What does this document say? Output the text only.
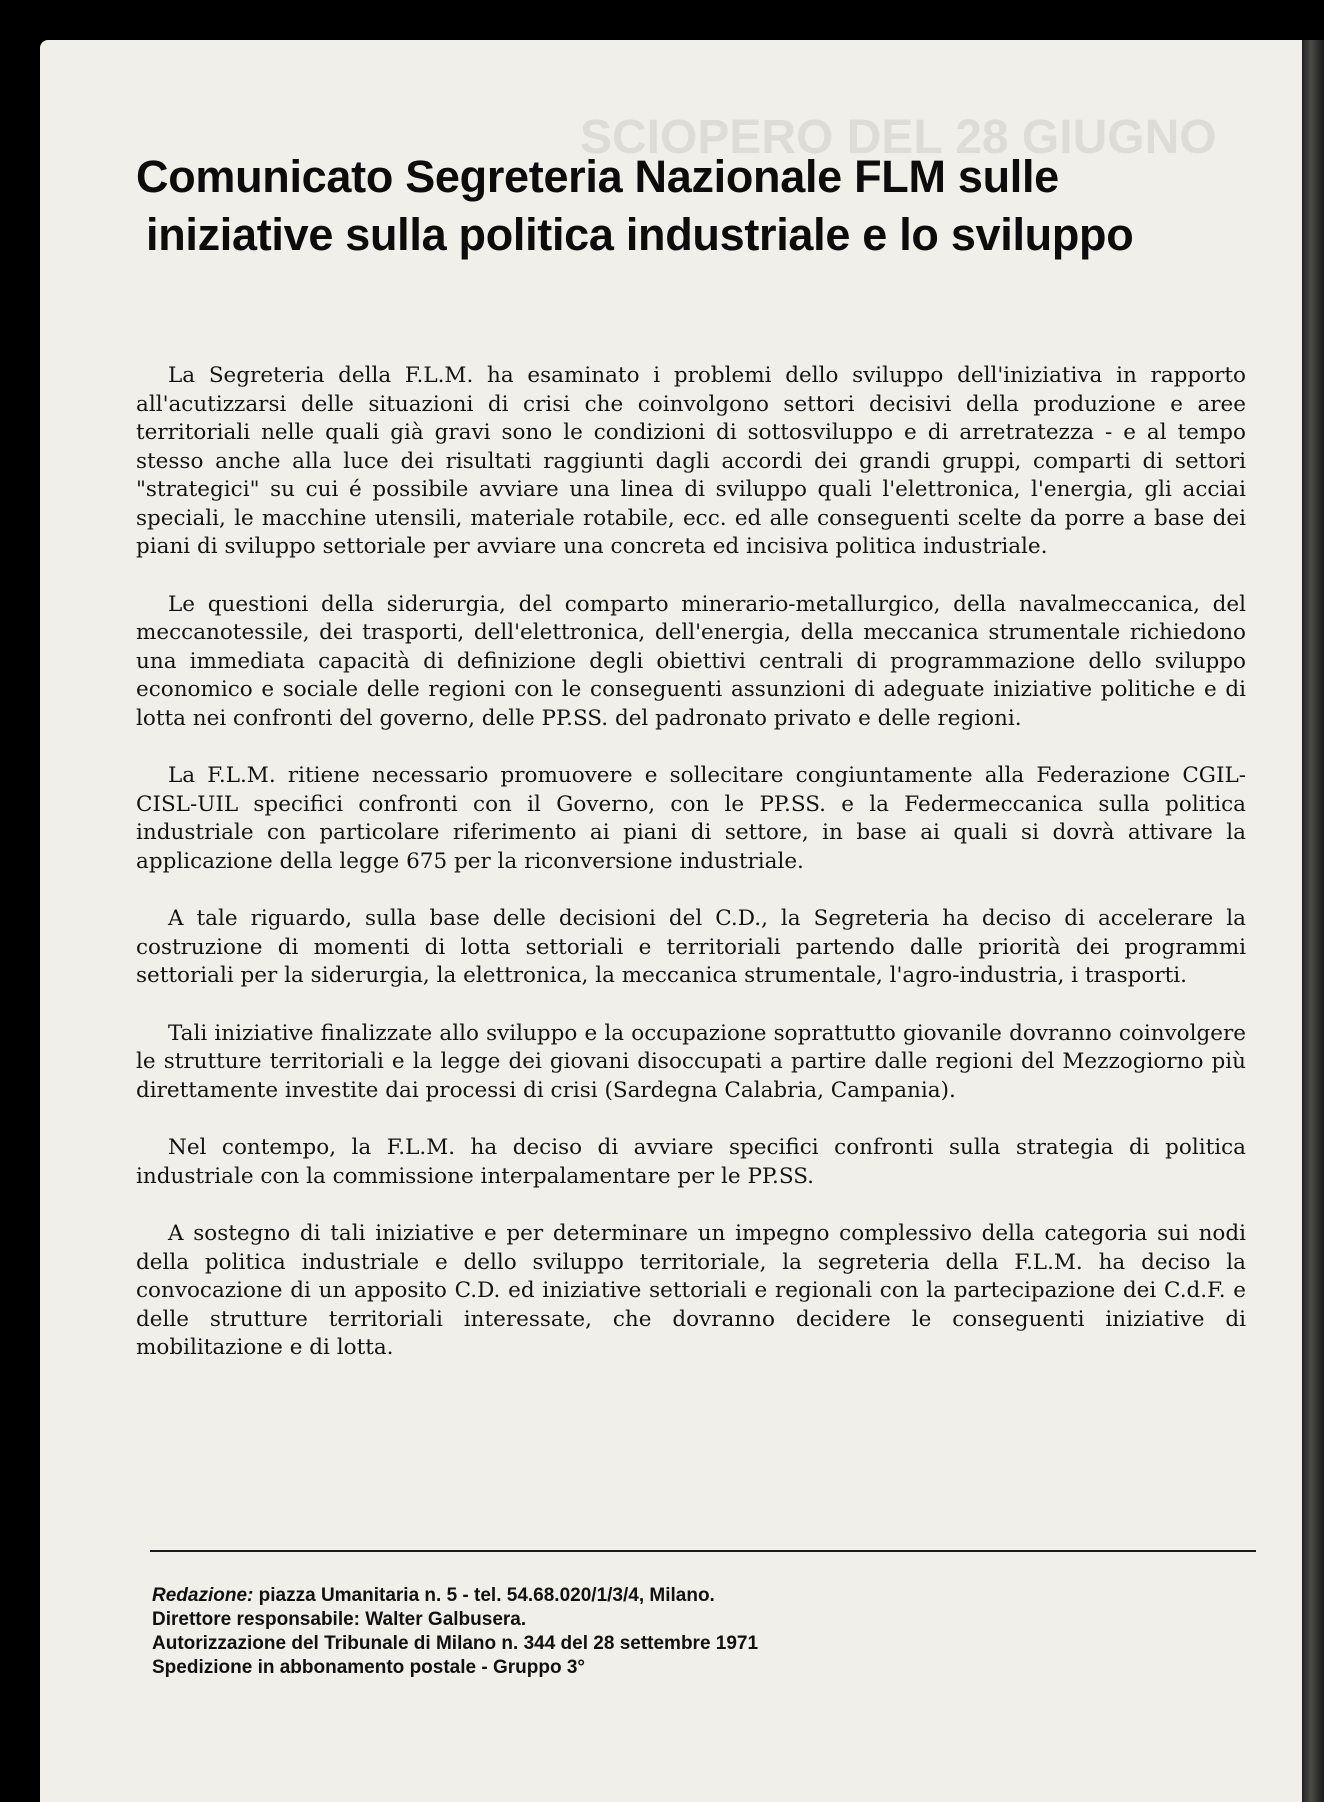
Comunicato Segreteria Nazionale FLM sulle
iniziative sulla politica industriale e lo sviluppo

La Segreteria della F.L.M. ha esaminato i problemi dello sviluppo dell'iniziativa in rapporto all'acutizzarsi delle situazioni di crisi che coinvolgono settori decisivi della produzione e aree territoriali nelle quali già gravi sono le condizioni di sottosviluppo e di arretratezza - e al tempo stesso anche alla luce dei risultati raggiunti dagli accordi dei grandi gruppi, comparti di settori "strategici" su cui é possibile avviare una linea di sviluppo quali l'elettronica, l'energia, gli acciai speciali, le macchine utensili, materiale rotabile, ecc. ed alle conseguenti scelte da porre a base dei piani di sviluppo settoriale per avviare una concreta ed incisiva politica industriale.

Le questioni della siderurgia, del comparto minerario-metallurgico, della navalmeccanica, del meccanotessile, dei trasporti, dell'elettronica, dell'energia, della meccanica strumentale richiedono una immediata capacità di definizione degli obiettivi centrali di programmazione dello sviluppo economico e sociale delle regioni con le conseguenti assunzioni di adeguate iniziative politiche e di lotta nei confronti del governo, delle PP.SS. del padronato privato e delle regioni.

La F.L.M. ritiene necessario promuovere e sollecitare congiuntamente alla Federazione CGIL-CISL-UIL specifici confronti con il Governo, con le PP.SS. e la Federmeccanica sulla politica industriale con particolare riferimento ai piani di settore, in base ai quali si dovrà attivare la applicazione della legge 675 per la riconversione industriale.

A tale riguardo, sulla base delle decisioni del C.D., la Segreteria ha deciso di accelerare la costruzione di momenti di lotta settoriali e territoriali partendo dalle priorità dei programmi settoriali per la siderurgia, la elettronica, la meccanica strumentale, l'agro-industria, i trasporti.

Tali iniziative finalizzate allo sviluppo e la occupazione soprattutto giovanile dovranno coinvolgere le strutture territoriali e la legge dei giovani disoccupati a partire dalle regioni del Mezzogiorno più direttamente investite dai processi di crisi (Sardegna Calabria, Campania).

Nel contempo, la F.L.M. ha deciso di avviare specifici confronti sulla strategia di politica industriale con la commissione interpalamentare per le PP.SS.

A sostegno di tali iniziative e per determinare un impegno complessivo della categoria sui nodi della politica industriale e dello sviluppo territoriale, la segreteria della F.L.M. ha deciso la convocazione di un apposito C.D. ed iniziative settoriali e regionali con la partecipazione dei C.d.F. e delle strutture territoriali interessate, che dovranno decidere le conseguenti iniziative di mobilitazione e di lotta.

Redazione: piazza Umanitaria n. 5 - tel. 54.68.020/1/3/4, Milano.
Direttore responsabile: Walter Galbusera.
Autorizzazione del Tribunale di Milano n. 344 del 28 settembre 1971
Spedizione in abbonamento postale - Gruppo 3°
